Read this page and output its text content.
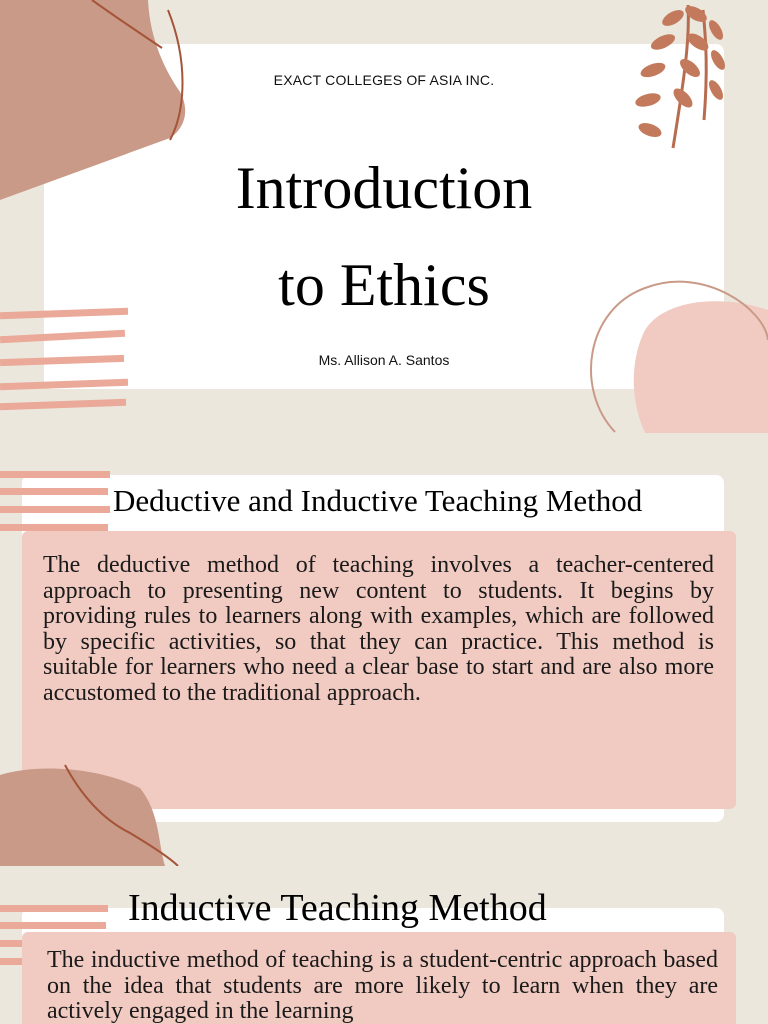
EXACT COLLEGES OF ASIA INC.
Introduction
to Ethics
Ms. Allison A. Santos
Deductive and Inductive Teaching Method

The deductive method of teaching involves a teacher-centered approach to presenting new content to students. It begins by providing rules to learners along with examples, which are followed by specific activities, so that they can practice. This method is suitable for learners who need a clear base to start and are also more accustomed to the traditional approach.

Inductive Teaching Method

The inductive method of teaching is a student-centric approach based on the idea that students are more likely to learn when they are actively engaged in the learning
